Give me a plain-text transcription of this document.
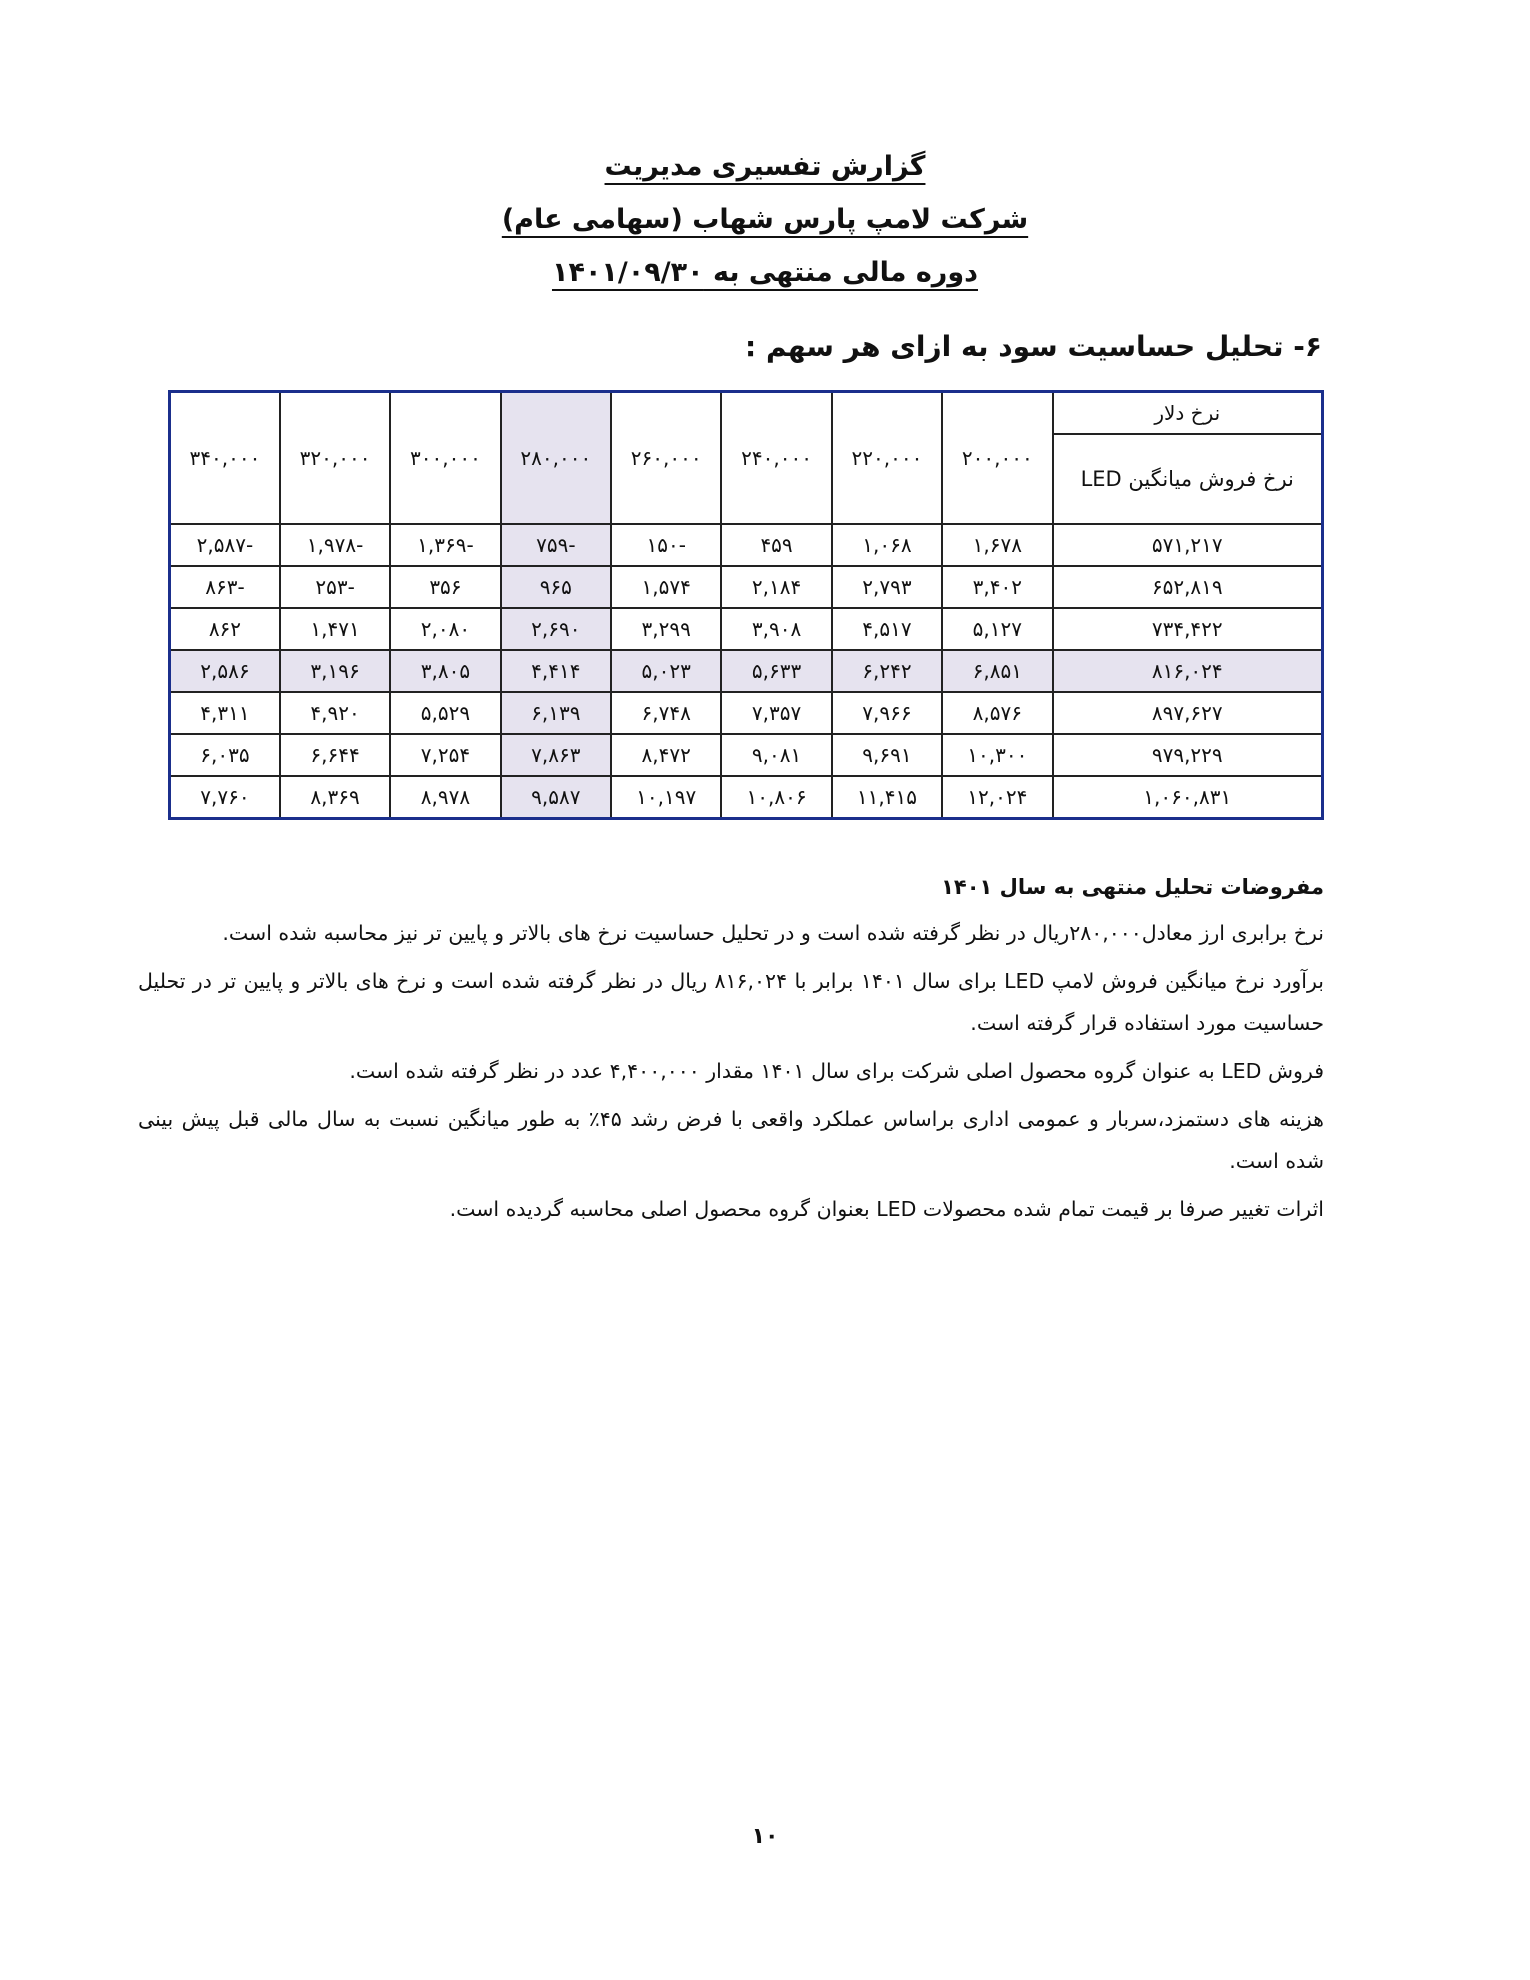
گزارش تفسیری مدیریت
شرکت لامپ پارس شهاب (سهامی عام)
دوره مالی منتهی به ۱۴۰۱/۰۹/۳۰
۶- تحلیل حساسیت سود به ازای هر سهم :
نرخ دلار	۲۰۰,۰۰۰	۲۲۰,۰۰۰	۲۴۰,۰۰۰	۲۶۰,۰۰۰	۲۸۰,۰۰۰	۳۰۰,۰۰۰	۳۲۰,۰۰۰	۳۴۰,۰۰۰
نرخ فروش میانگین LED								
۵۷۱,۲۱۷	۱,۶۷۸	۱,۰۶۸	۴۵۹	-۱۵۰	-۷۵۹	-۱,۳۶۹	-۱,۹۷۸	-۲,۵۸۷
۶۵۲,۸۱۹	۳,۴۰۲	۲,۷۹۳	۲,۱۸۴	۱,۵۷۴	۹۶۵	۳۵۶	-۲۵۳	-۸۶۳
۷۳۴,۴۲۲	۵,۱۲۷	۴,۵۱۷	۳,۹۰۸	۳,۲۹۹	۲,۶۹۰	۲,۰۸۰	۱,۴۷۱	۸۶۲
۸۱۶,۰۲۴	۶,۸۵۱	۶,۲۴۲	۵,۶۳۳	۵,۰۲۳	۴,۴۱۴	۳,۸۰۵	۳,۱۹۶	۲,۵۸۶
۸۹۷,۶۲۷	۸,۵۷۶	۷,۹۶۶	۷,۳۵۷	۶,۷۴۸	۶,۱۳۹	۵,۵۲۹	۴,۹۲۰	۴,۳۱۱
۹۷۹,۲۲۹	۱۰,۳۰۰	۹,۶۹۱	۹,۰۸۱	۸,۴۷۲	۷,۸۶۳	۷,۲۵۴	۶,۶۴۴	۶,۰۳۵
۱,۰۶۰,۸۳۱	۱۲,۰۲۴	۱۱,۴۱۵	۱۰,۸۰۶	۱۰,۱۹۷	۹,۵۸۷	۸,۹۷۸	۸,۳۶۹	۷,۷۶۰
مفروضات تحلیل منتهی به سال ۱۴۰۱

نرخ برابری ارز معادل۲۸۰,۰۰۰ریال در نظر گرفته شده است و در تحلیل حساسیت نرخ های بالاتر و پایین تر نیز محاسبه شده است.

برآورد نرخ میانگین فروش لامپ LED برای سال ۱۴۰۱ برابر با ۸۱۶,۰۲۴ ریال در نظر گرفته شده است و نرخ های بالاتر و پایین تر در تحلیل حساسیت مورد استفاده قرار گرفته است.

فروش LED به عنوان گروه محصول اصلی شرکت برای سال ۱۴۰۱ مقدار ۴,۴۰۰,۰۰۰ عدد در نظر گرفته شده است.

هزینه های دستمزد،سربار و عمومی اداری براساس عملکرد واقعی با فرض رشد ۴۵٪ به طور میانگین نسبت به سال مالی قبل پیش بینی شده است.

اثرات تغییر صرفا بر قیمت تمام شده محصولات LED بعنوان گروه محصول اصلی محاسبه گردیده است.

۱۰
